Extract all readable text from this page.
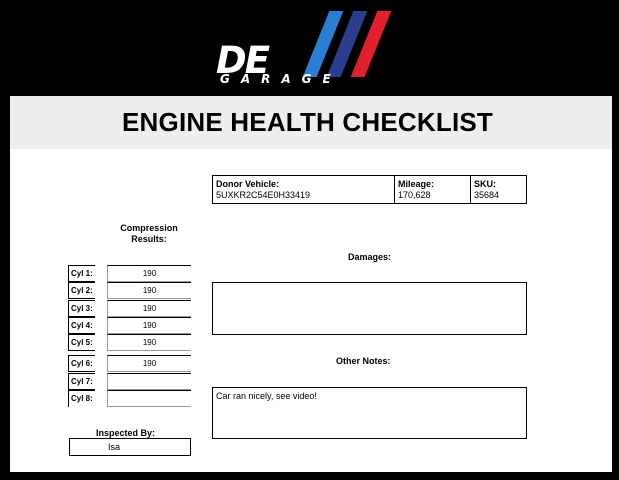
DE
GARAGE
ENGINE HEALTH CHECKLIST
Donor Vehicle:
5UXKR2C54E0H33419
Mileage:
170,628
SKU:
35684
Compression
Results:
Cyl 1:	190
Cyl 2:	190
Cyl 3:	190
Cyl 4:	190
Cyl 5:	190
Cyl 6:	190
Cyl 7:
Cyl 8:
Damages:
Other Notes:
Car ran nicely, see video!
Inspected By:
Isa
